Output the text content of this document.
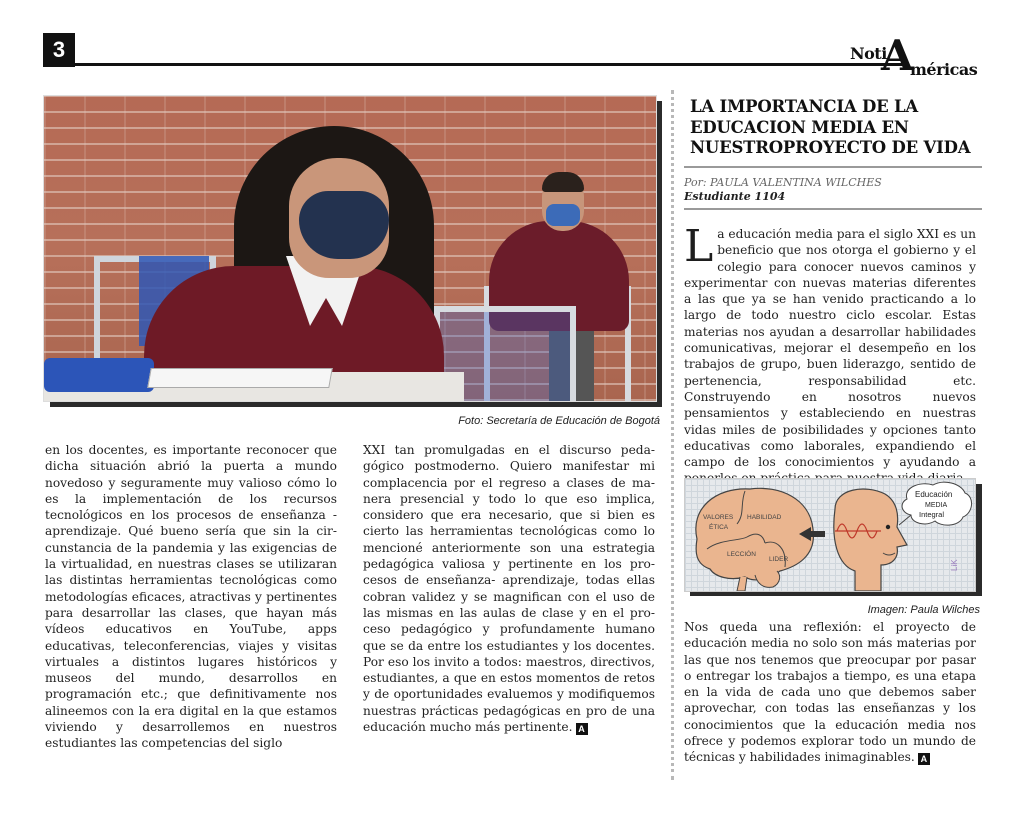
3	Noti
A
méricas
Foto: Secretaría de Educación de Bogotá

en los docentes, es importante reconocer que dicha situación abrió la puerta a mundo novedoso y seguramente muy valioso cómo lo es la implementación de los recursos tecnológicos en los procesos de enseñanza - aprendizaje. Qué bueno sería que sin la circunstancia de la pandemia y las exigencias de la virtualidad, en nuestras clases se utilizaran las distintas herramientas tecnológicas como metodologías eficaces, atractivas y pertinentes para desarrollar las clases, que hayan más vídeos educativos en YouTube, apps educativas, teleconferencias, viajes y visitas virtuales a distintos lugares históricos y museos del mundo, desarrollos en programación etc.; que definitivamente nos alineemos con la era digital en la que estamos viviendo y desarrollemos en nuestros estudiantes las competencias del siglo

XXI tan promulgadas en el discurso pedagógico postmoderno. Quiero manifestar mi complacencia por el regreso a clases de manera presencial y todo lo que eso implica, considero que era necesario, que si bien es cierto las herramientas tecnológicas como lo mencioné anteriormente son una estrategia pedagógica valiosa y pertinente en los procesos de enseñanza- aprendizaje, todas ellas cobran validez y se magnifican con el uso de las mismas en las aulas de clase y en el proceso pedagógico y profundamente humano que se da entre los estudiantes y los docentes. Por eso los invito a todos: maestros, directivos, estudiantes, a que en estos momentos de retos y de oportunidades evaluemos y modifiquemos nuestras prácticas pedagógicas en pro de una educación mucho más pertinente. A

LA IMPORTANCIA DE LA
EDUCACION MEDIA EN
NUESTROPROYECTO DE VIDA
Por: PAULA VALENTINA WILCHES
Estudiante 1104

La educación media para el siglo XXI es un beneficio que nos otorga el gobierno y el colegio para conocer nuevos caminos y experimentar con nuevas materias diferentes a las que ya se han venido practicando a lo largo de todo nuestro ciclo escolar. Estas materias nos ayudan a desarrollar habilidades comunicativas, mejorar el desempeño en los trabajos de grupo, buen liderazgo, sentido de pertenencia, responsabilidad etc. Construyendo en nosotros nuevos pensamientos y estableciendo en nuestras vidas miles de posibilidades y opciones tanto educativas como laborales, expandiendo el campo de los conocimientos y ayudando a

VALORES
ÉTICA
HABILIDAD
LECCIÓN
LIDER
Educación
MEDIA
Integral
LiK
Imagen: Paula Wilches

Nos queda una reflexión: el proyecto de educación media no solo son más materias por las que nos tenemos que preocupar por pasar o entregar los trabajos a tiempo, es una etapa en la vida de cada uno que debemos saber aprovechar, con todas las enseñanzas y los conocimientos que la educación media nos ofrece y podemos explorar todo un mundo de técnicas y habilidades inimaginables. A
